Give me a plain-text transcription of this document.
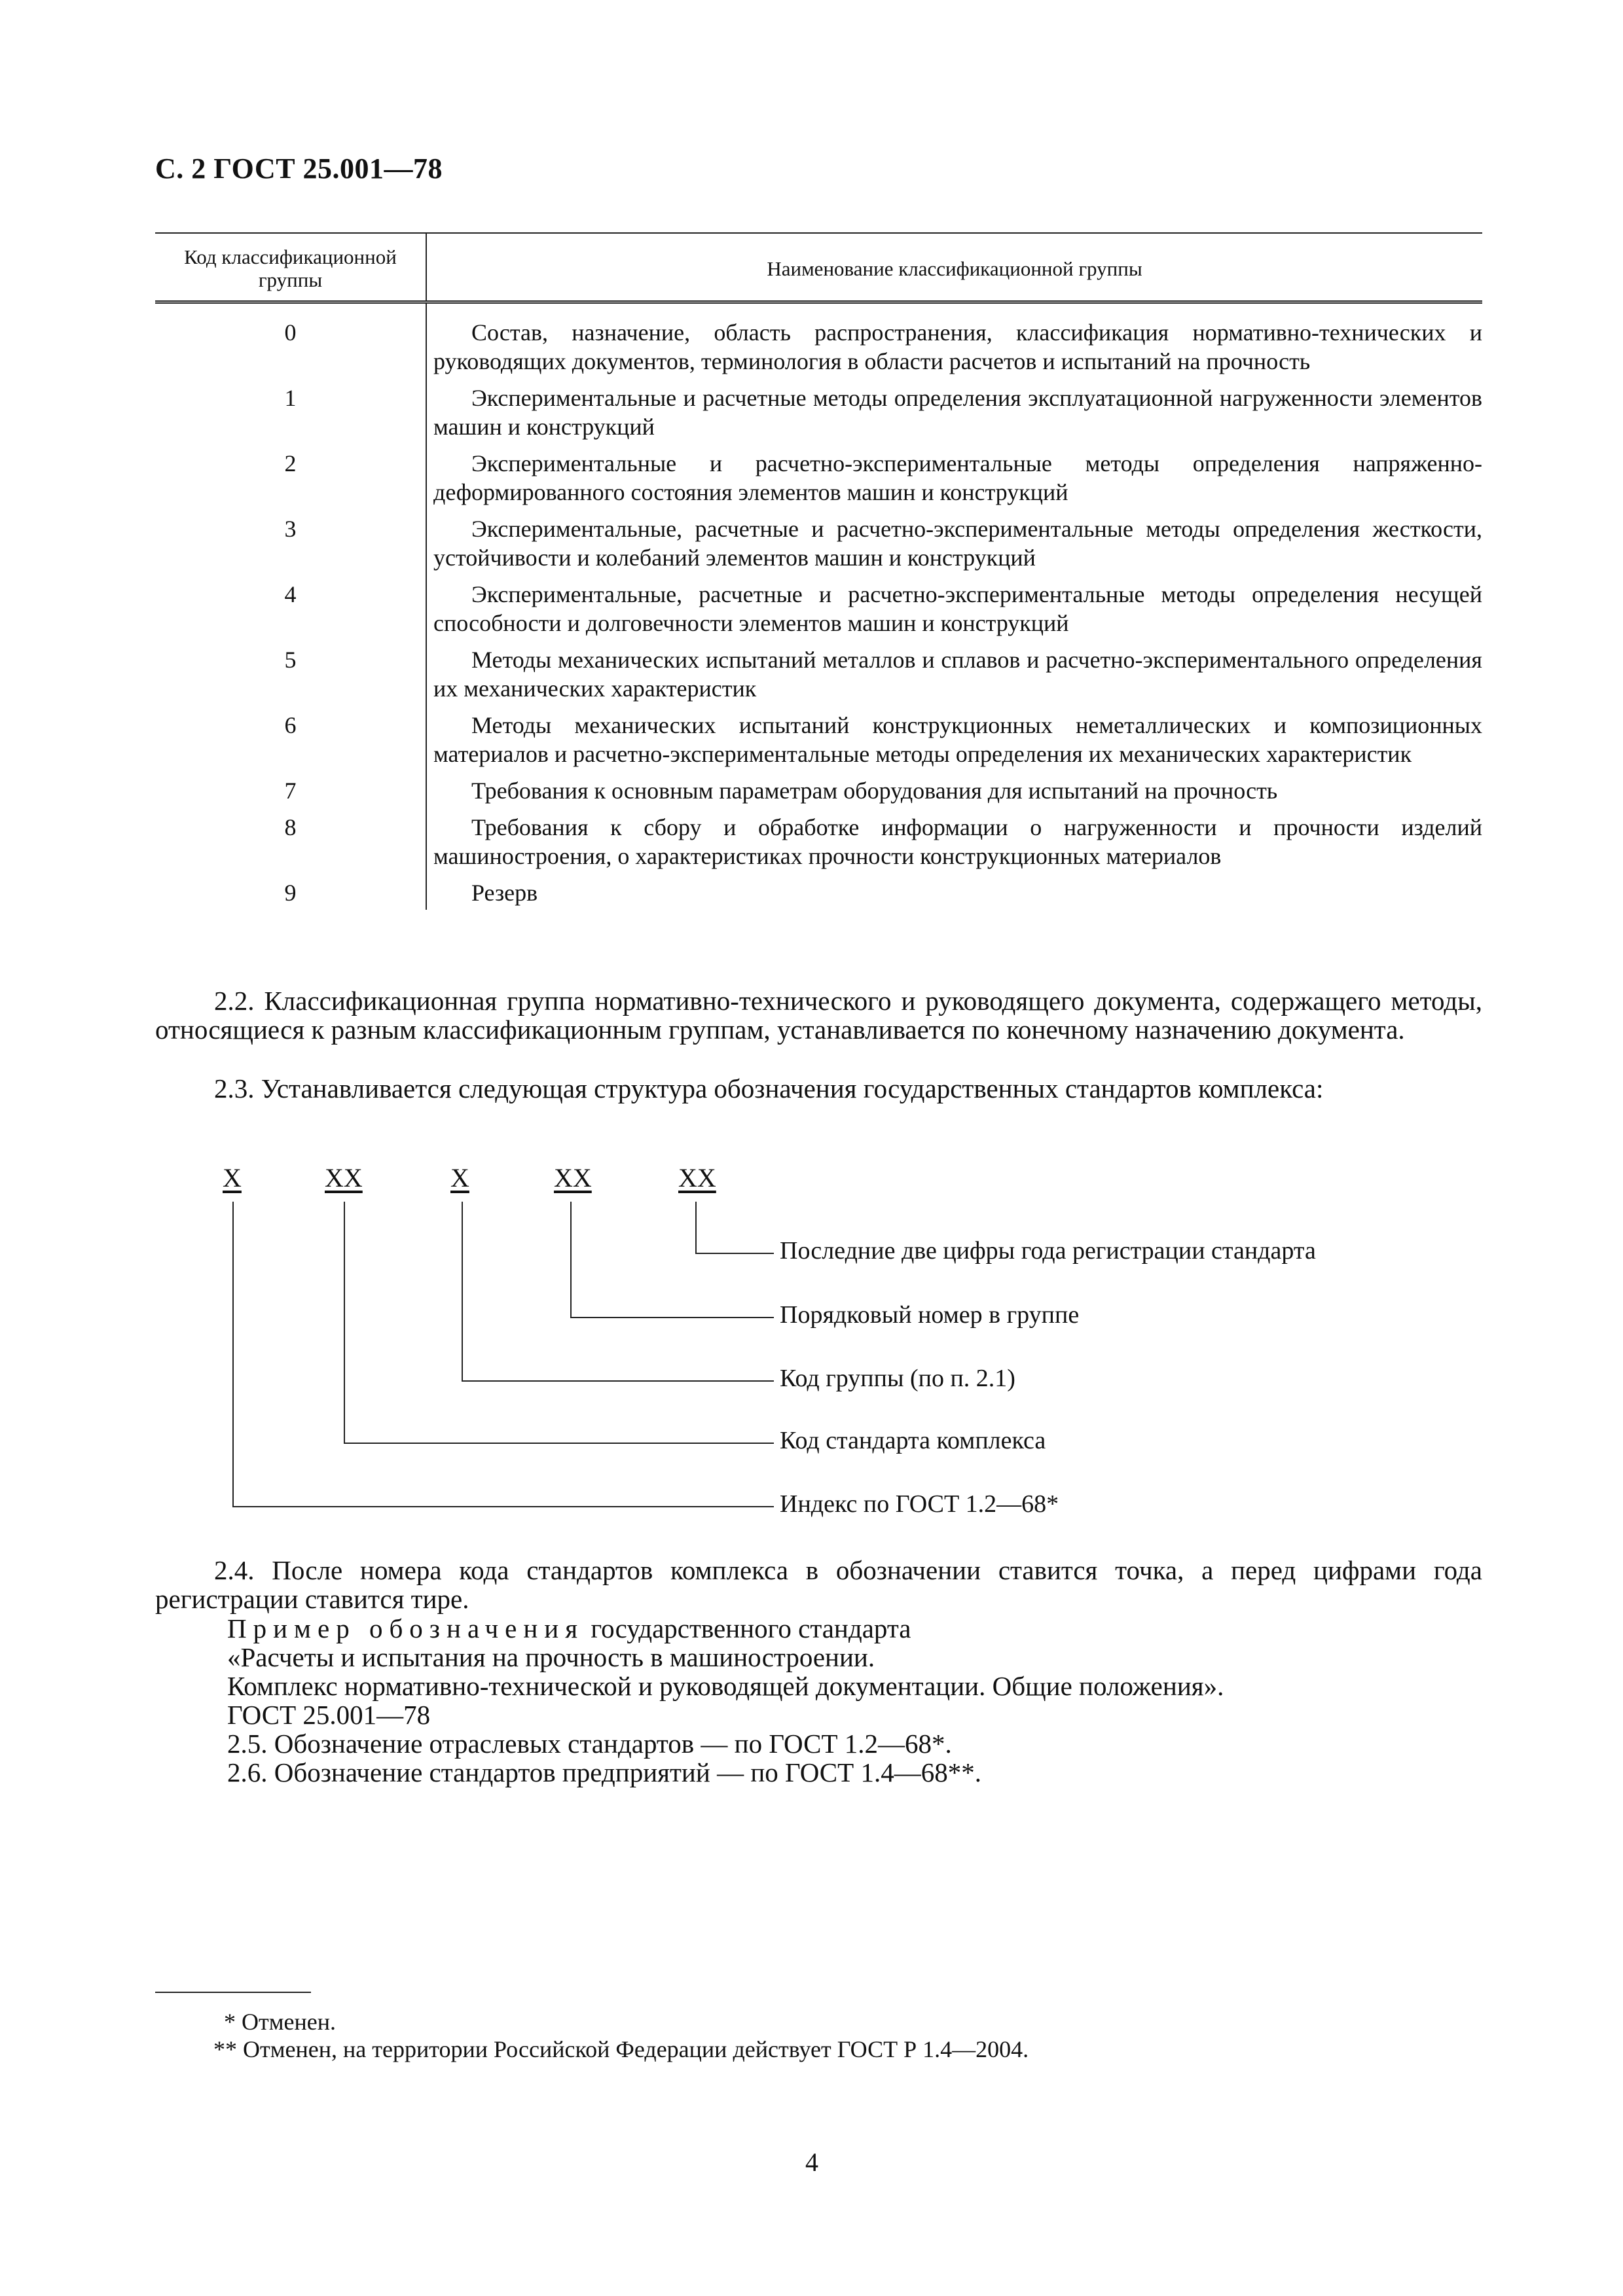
С. 2 ГОСТ 25.001—78
Код классификационной группы	Наименование классификационной группы
0	Состав, назначение, область распространения, классификация нормативно-технических и руководящих документов, терминология в области расчетов и испытаний на прочность

1	Экспериментальные и расчетные методы определения эксплуатационной нагруженности элементов машин и конструкций

2	Экспериментальные и расчетно-экспериментальные методы определения напряженно-деформированного состояния элементов машин и конструкций

3	Экспериментальные, расчетные и расчетно-экспериментальные методы определения жесткости, устойчивости и колебаний элементов машин и конструкций

4	Экспериментальные, расчетные и расчетно-экспериментальные методы определения несущей способности и долговечности элементов машин и конструкций

5	Методы механических испытаний металлов и сплавов и расчетно-экспериментального определения их механических характеристик

6	Методы механических испытаний конструкционных неметаллических и композиционных материалов и расчетно-экспериментальные методы определения их механических характеристик

7	Требования к основным параметрам оборудования для испытаний на прочность

8	Требования к сбору и обработке информации о нагруженности и прочности изделий машиностроения, о характеристиках прочности конструкционных материалов

9	Резерв

2.2. Классификационная группа нормативно-технического и руководящего документа, содержащего методы, относящиеся к разным классификационным группам, устанавливается по конечному назначению документа.

2.3. Устанавливается следующая структура обозначения государственных стандартов комплекса:

X	XX	X	XX	XX
Последние две цифры года регистрации стандарта
Порядковый номер в группе
Код группы (по п. 2.1)
Код стандарта комплекса
Индекс по ГОСТ 1.2—68*

2.4. После номера кода стандартов комплекса в обозначении ставится точка, а перед цифрами года регистрации ставится тире.

Пример обозначения государственного стандарта

«Расчеты и испытания на прочность в машиностроении.

Комплекс нормативно-технической и руководящей документации. Общие положения».

ГОСТ 25.001—78

2.5. Обозначение отраслевых стандартов — по ГОСТ 1.2—68*.

2.6. Обозначение стандартов предприятий — по ГОСТ 1.4—68**.

* Отменен.
** Отменен, на территории Российской Федерации действует ГОСТ Р 1.4—2004.
4
